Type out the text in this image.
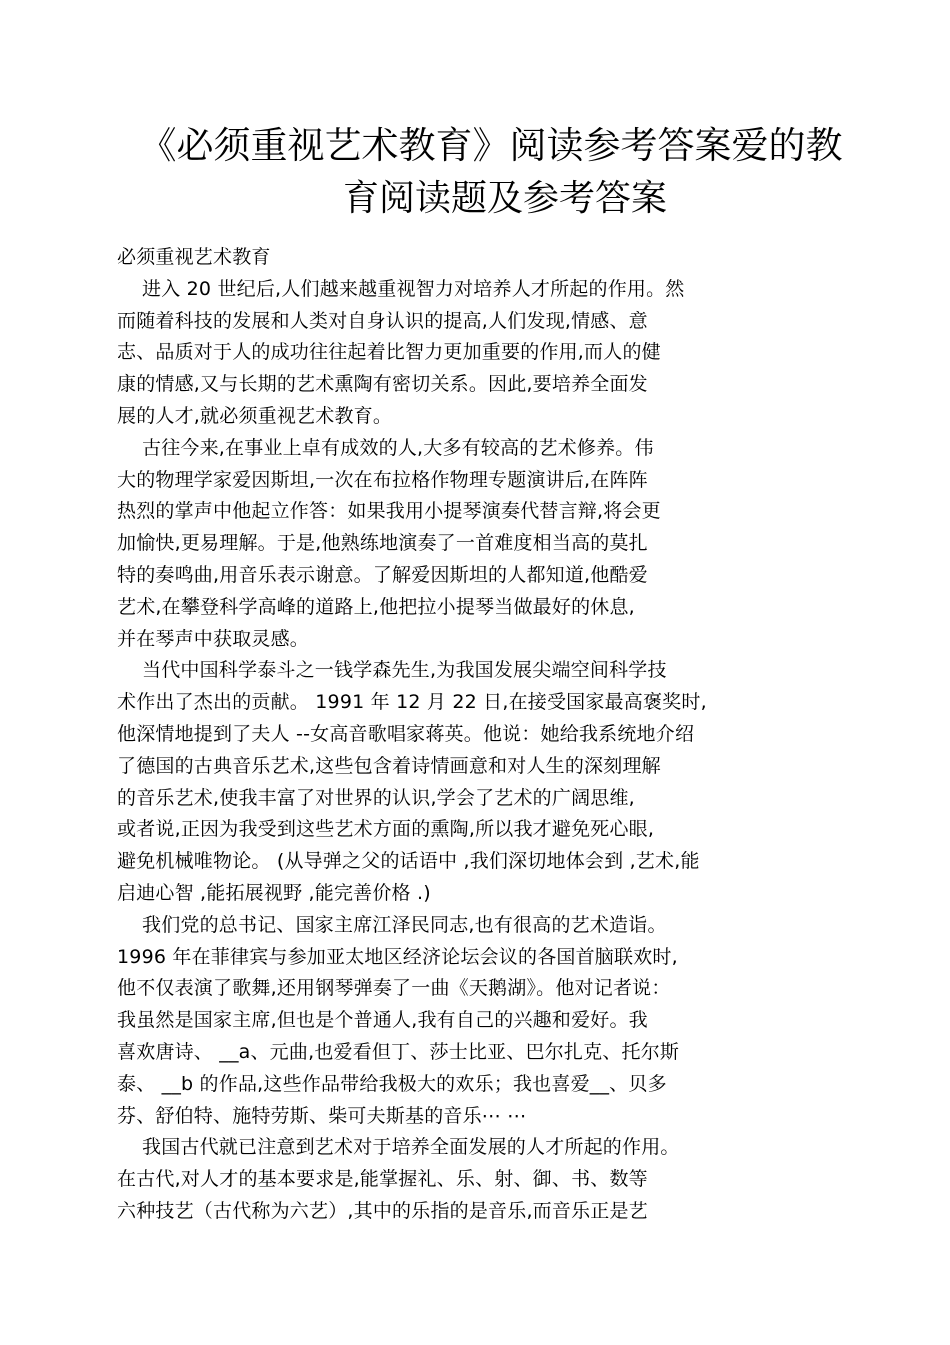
《必须重视艺术教育》阅读参考答案爱的教
育阅读题及参考答案
必须重视艺术教育
进入 20 世纪后,人们越来越重视智力对培养人才所起的作用。然
而随着科技的发展和人类对自身认识的提高,人们发现,情感、意
志、品质对于人的成功往往起着比智力更加重要的作用,而人的健
康的情感,又与长期的艺术熏陶有密切关系。因此,要培养全面发
展的人才,就必须重视艺术教育。
古往今来,在事业上卓有成效的人,大多有较高的艺术修养。伟
大的物理学家爱因斯坦,一次在布拉格作物理专题演讲后,在阵阵
热烈的掌声中他起立作答：如果我用小提琴演奏代替言辩,将会更
加愉快,更易理解。于是,他熟练地演奏了一首难度相当高的莫扎
特的奏鸣曲,用音乐表示谢意。了解爱因斯坦的人都知道,他酷爱
艺术,在攀登科学高峰的道路上,他把拉小提琴当做最好的休息,
并在琴声中获取灵感。
当代中国科学泰斗之一钱学森先生,为我国发展尖端空间科学技
术作出了杰出的贡献。 1991 年 12 月 22 日,在接受国家最高褒奖时,
他深情地提到了夫人 --女高音歌唱家蒋英。他说：她给我系统地介绍
了德国的古典音乐艺术,这些包含着诗情画意和对人生的深刻理解
的音乐艺术,使我丰富了对世界的认识,学会了艺术的广阔思维,
或者说,正因为我受到这些艺术方面的熏陶,所以我才避免死心眼,
避免机械唯物论。 (从导弹之父的话语中 ,我们深切地体会到 ,艺术,能
启迪心智 ,能拓展视野 ,能完善价格 .)
我们党的总书记、国家主席江泽民同志,也有很高的艺术造诣。
1996 年在菲律宾与参加亚太地区经济论坛会议的各国首脑联欢时,
他不仅表演了歌舞,还用钢琴弹奏了一曲《天鹅湖》。他对记者说：
我虽然是国家主席,但也是个普通人,我有自己的兴趣和爱好。我
喜欢唐诗、 __a、元曲,也爱看但丁、莎士比亚、巴尔扎克、托尔斯
泰、 __b 的作品,这些作品带给我极大的欢乐；我也喜爱__、贝多
芬、舒伯特、施特劳斯、柴可夫斯基的音乐⋯ ⋯
我国古代就已注意到艺术对于培养全面发展的人才所起的作用。
在古代,对人才的基本要求是,能掌握礼、乐、射、御、书、数等
六种技艺（古代称为六艺）,其中的乐指的是音乐,而音乐正是艺
